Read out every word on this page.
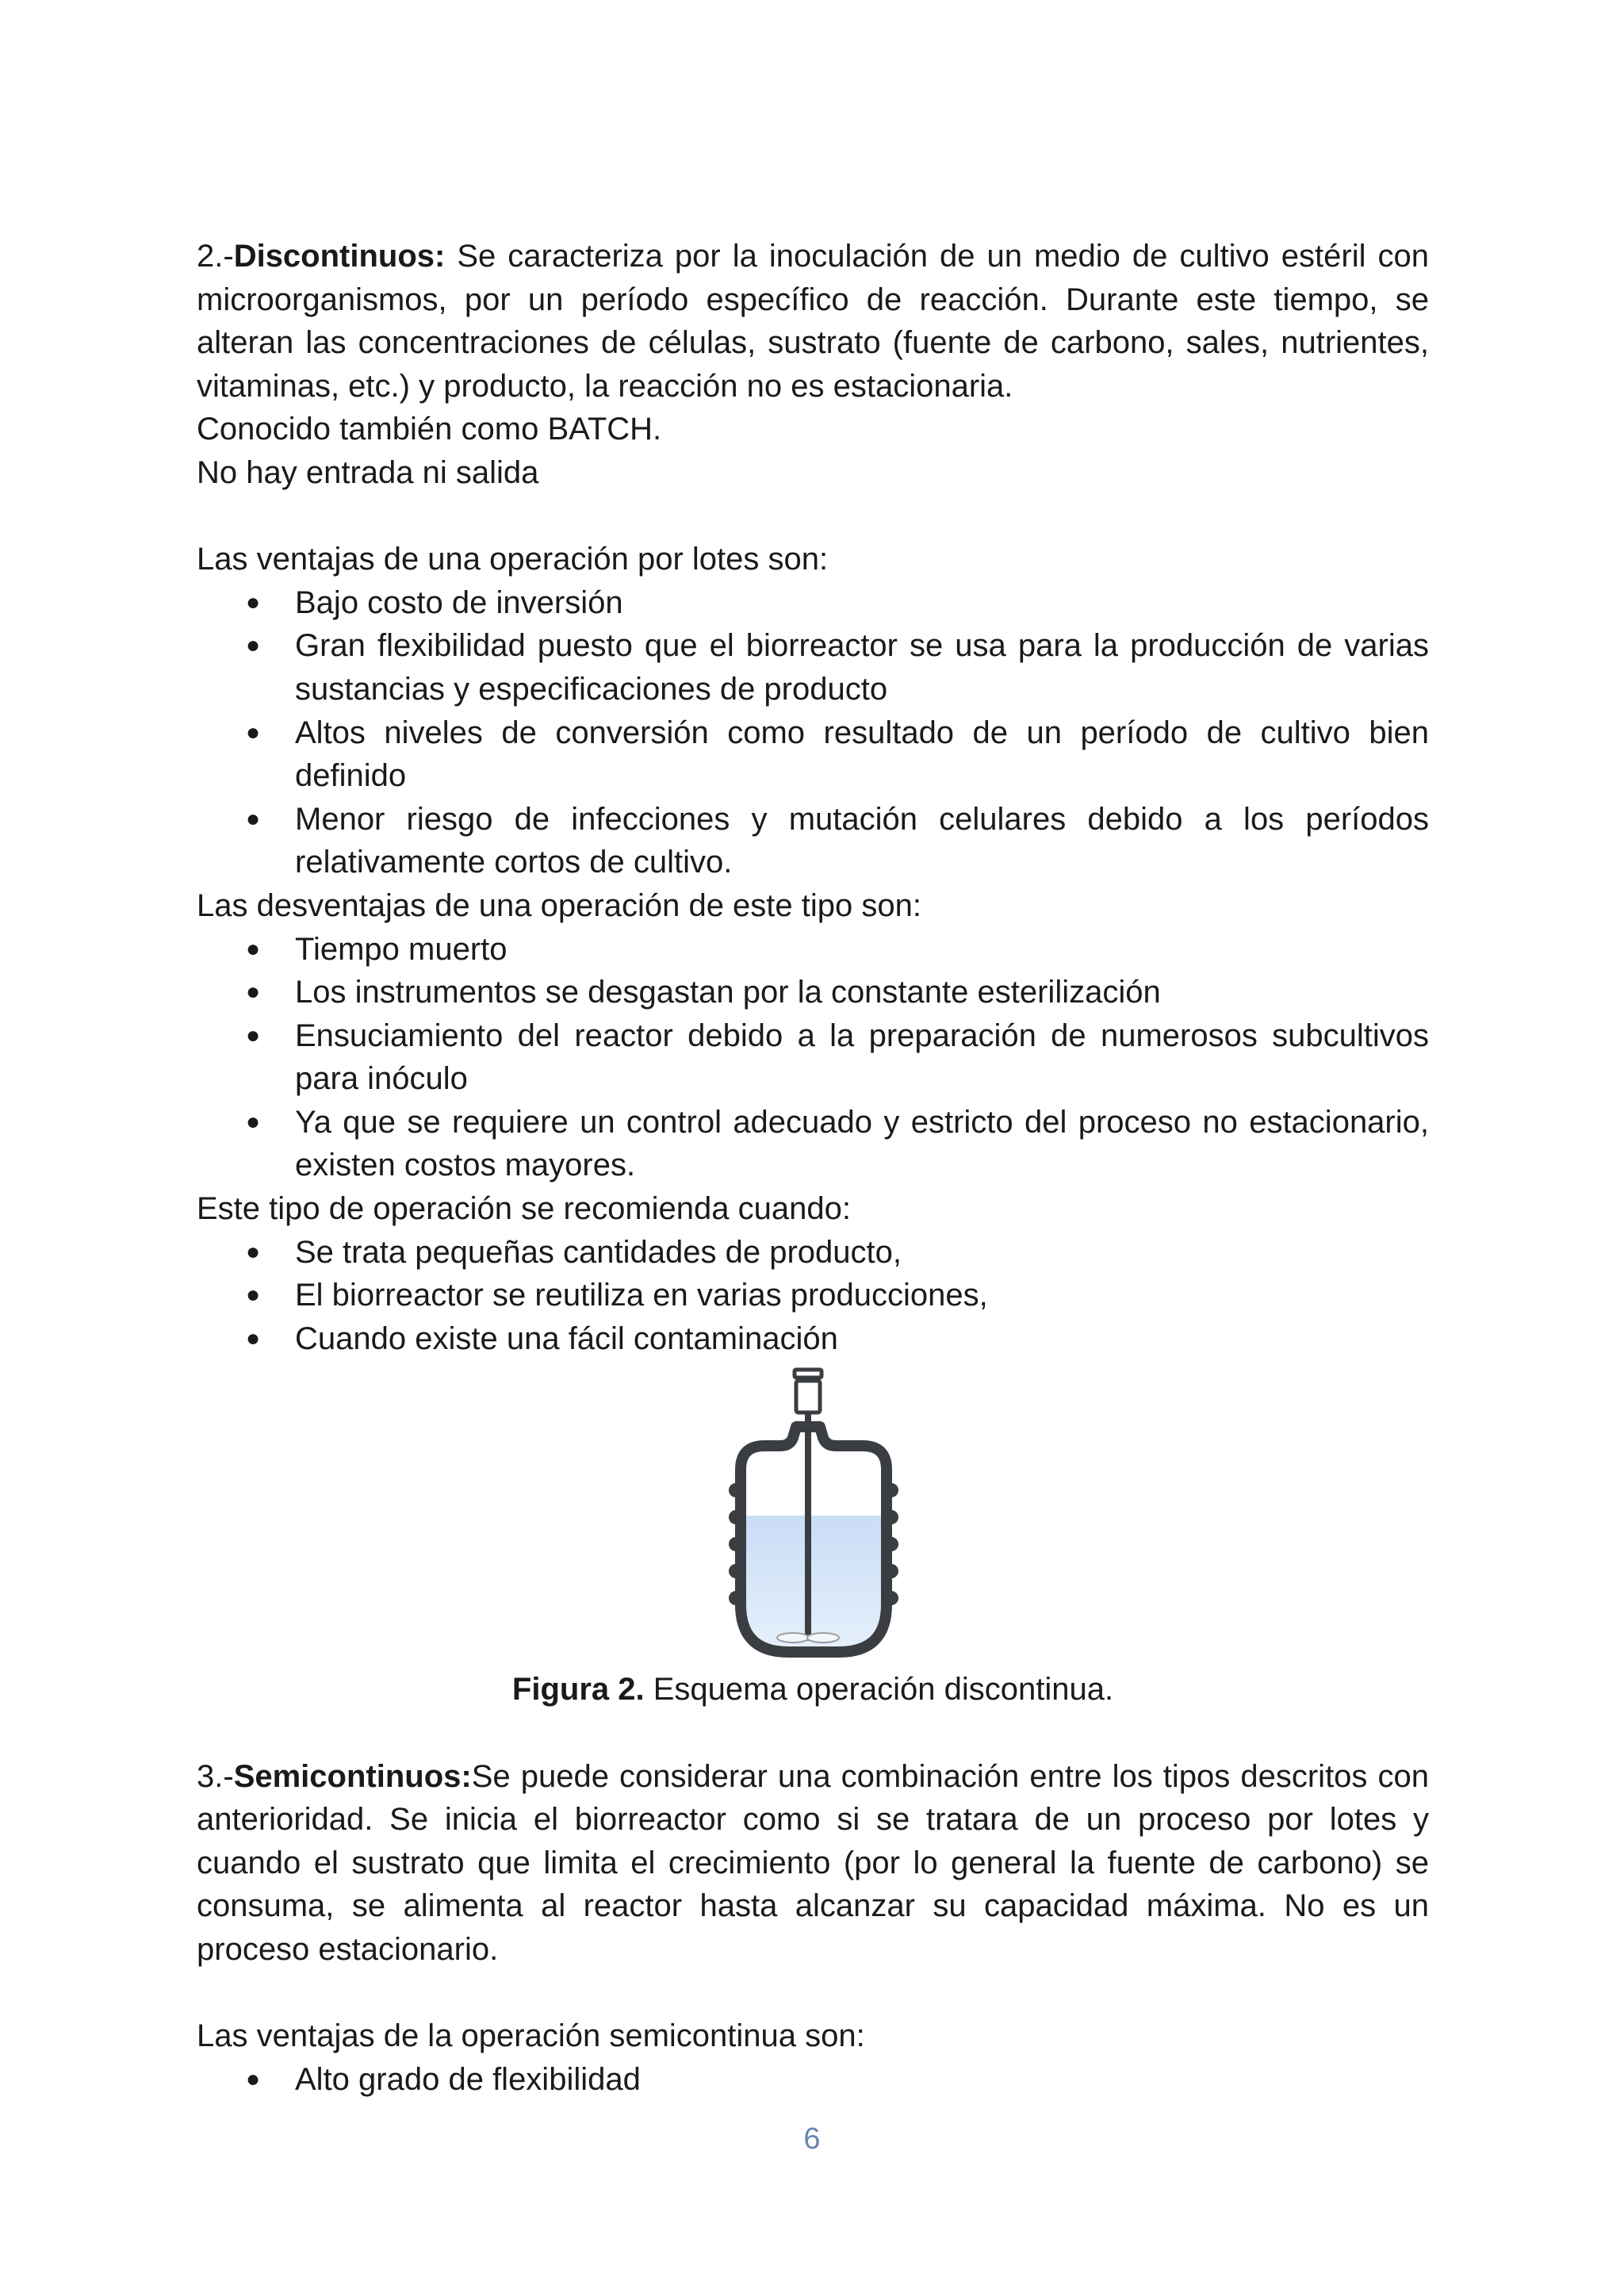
2.-Discontinuos: Se caracteriza por la inoculación de un medio de cultivo estéril con microorganismos, por un período específico de reacción. Durante este tiempo, se alteran las concentraciones de células, sustrato (fuente de carbono, sales, nutrientes, vitaminas, etc.) y producto, la reacción no es estacionaria.

Conocido también como BATCH.

No hay entrada ni salida

Las ventajas de una operación por lotes son:

● Bajo costo de inversión
● Gran flexibilidad puesto que el biorreactor se usa para la producción de varias sustancias y especificaciones de producto
● Altos niveles de conversión como resultado de un período de cultivo bien definido
● Menor riesgo de infecciones y mutación celulares debido a los períodos relativamente cortos de cultivo.

Las desventajas de una operación de este tipo son:

● Tiempo muerto
● Los instrumentos se desgastan por la constante esterilización
● Ensuciamiento del reactor debido a la preparación de numerosos subcultivos para inóculo
● Ya que se requiere un control adecuado y estricto del proceso no estacionario, existen costos mayores.

Este tipo de operación se recomienda cuando:

● Se trata pequeñas cantidades de producto,
● El biorreactor se reutiliza en varias producciones,
● Cuando existe una fácil contaminación

Figura 2. Esquema operación discontinua.

3.-Semicontinuos:Se puede considerar una combinación entre los tipos descritos con anterioridad. Se inicia el biorreactor como si se tratara de un proceso por lotes y cuando el sustrato que limita el crecimiento (por lo general la fuente de carbono) se consuma, se alimenta al reactor hasta alcanzar su capacidad máxima. No es un proceso estacionario.

Las ventajas de la operación semicontinua son:

● Alto grado de flexibilidad
6
